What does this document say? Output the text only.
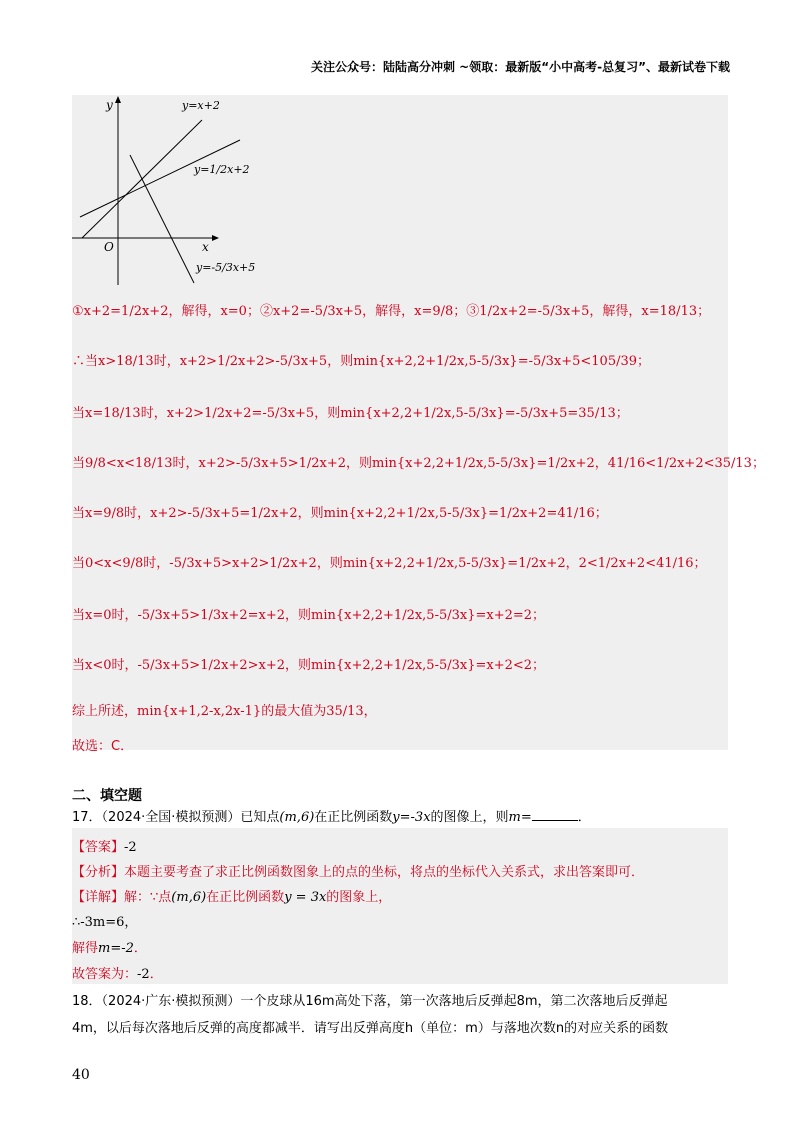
关注公众号：陆陆高分冲刺 ~领取：最新版“小中高考-总复习”、最新试卷下载
y
x
O
y=x+2
y=1/2x+2
y=-5/3x+5
①x+2=1/2x+2，解得，x=0；②x+2=-5/3x+5，解得，x=9/8；③1/2x+2=-5/3x+5，解得，x=18/13；
∴当x>18/13时，x+2>1/2x+2>-5/3x+5，则min{x+2,2+1/2x,5-5/3x}=-5/3x+5<105/39；
当x=18/13时，x+2>1/2x+2=-5/3x+5，则min{x+2,2+1/2x,5-5/3x}=-5/3x+5=35/13；
当9/8<x<18/13时，x+2>-5/3x+5>1/2x+2，则min{x+2,2+1/2x,5-5/3x}=1/2x+2，41/16<1/2x+2<35/13；
当x=9/8时，x+2>-5/3x+5=1/2x+2，则min{x+2,2+1/2x,5-5/3x}=1/2x+2=41/16；
当0<x<9/8时，-5/3x+5>x+2>1/2x+2，则min{x+2,2+1/2x,5-5/3x}=1/2x+2，2<1/2x+2<41/16；
当x=0时，-5/3x+5>1/3x+2=x+2，则min{x+2,2+1/2x,5-5/3x}=x+2=2；
当x<0时，-5/3x+5>1/2x+2>x+2，则min{x+2,2+1/2x,5-5/3x}=x+2<2；
综上所述，min{x+1,2-x,2x-1}的最大值为35/13，
故选：C．
二、填空题
17．（2024·全国·模拟预测）已知点(m,6)在正比例函数y=-3x的图像上，则m=	．
【答案】-2
【分析】本题主要考查了求正比例函数图象上的点的坐标，将点的坐标代入关系式，求出答案即可．
【详解】解：∵点(m,6)在正比例函数y = 3x的图象上，
∴-3m=6，
解得m=-2．
故答案为：-2．
18．（2024·广东·模拟预测）一个皮球从16m高处下落，第一次落地后反弹起8m，第二次落地后反弹起
4m，以后每次落地后反弹的高度都减半．请写出反弹高度h（单位：m）与落地次数n的对应关系的函数
40
